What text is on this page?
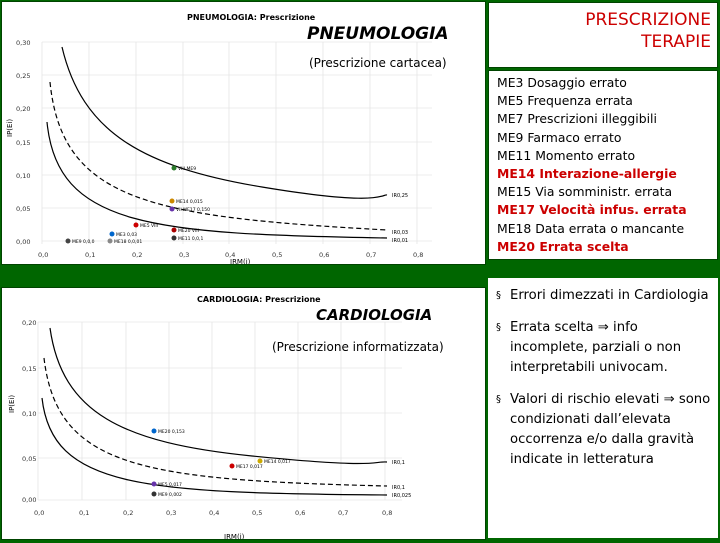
PNEUMOLOGIA: Prescrizione
IP(Ei)
IRM(i)
0,30
0,25
0,20
0,15
0,10
0,05
0,00
0,0	0,1	0,2	0,3	0,4	0,5	0,6	0,7	0,8
IR0,25
IR0,03
IR0,01
VIII ME9
ME14 0,015
VII ME17 0,150
ME5 VIII
ME3 0,03
ME20 VIII
ME11 0,0,1
ME18 0,0,01
ME9 0,0,0
PNEUMOLOGIA
(Prescrizione cartacea)
CARDIOLOGIA: Prescrizione
IP(Ei)
IRM(i)
0,20
0,15
0,10
0,05
0,00
0,0	0,1	0,2	0,3	0,4	0,5	0,6	0,7	0,8
IR0,1
IR0,1
IR0,025
ME20 0,153
ME14 0,017
ME17 0,017
ME5 0,017
ME9 0,002
CARDIOLOGIA
(Prescrizione informatizzata)
PRESCRIZIONE
TERAPIE
ME3 Dosaggio errato
ME5 Frequenza errata
ME7 Prescrizioni illeggibili
ME9 Farmaco errato
ME11 Momento errato
ME14 Interazione-allergie
ME15 Via somministr. errata
ME17 Velocità infus. errata
ME18 Data errata o mancante
ME20 Errata scelta
§ Errori dimezzati in Cardiologia
§ Errata scelta ⇒ info incomplete, parziali o non interpretabili univocam.
§ Valori di rischio elevati ⇒ sono condizionati dall’elevata occorrenza e/o dalla gravità indicate in letteratura
